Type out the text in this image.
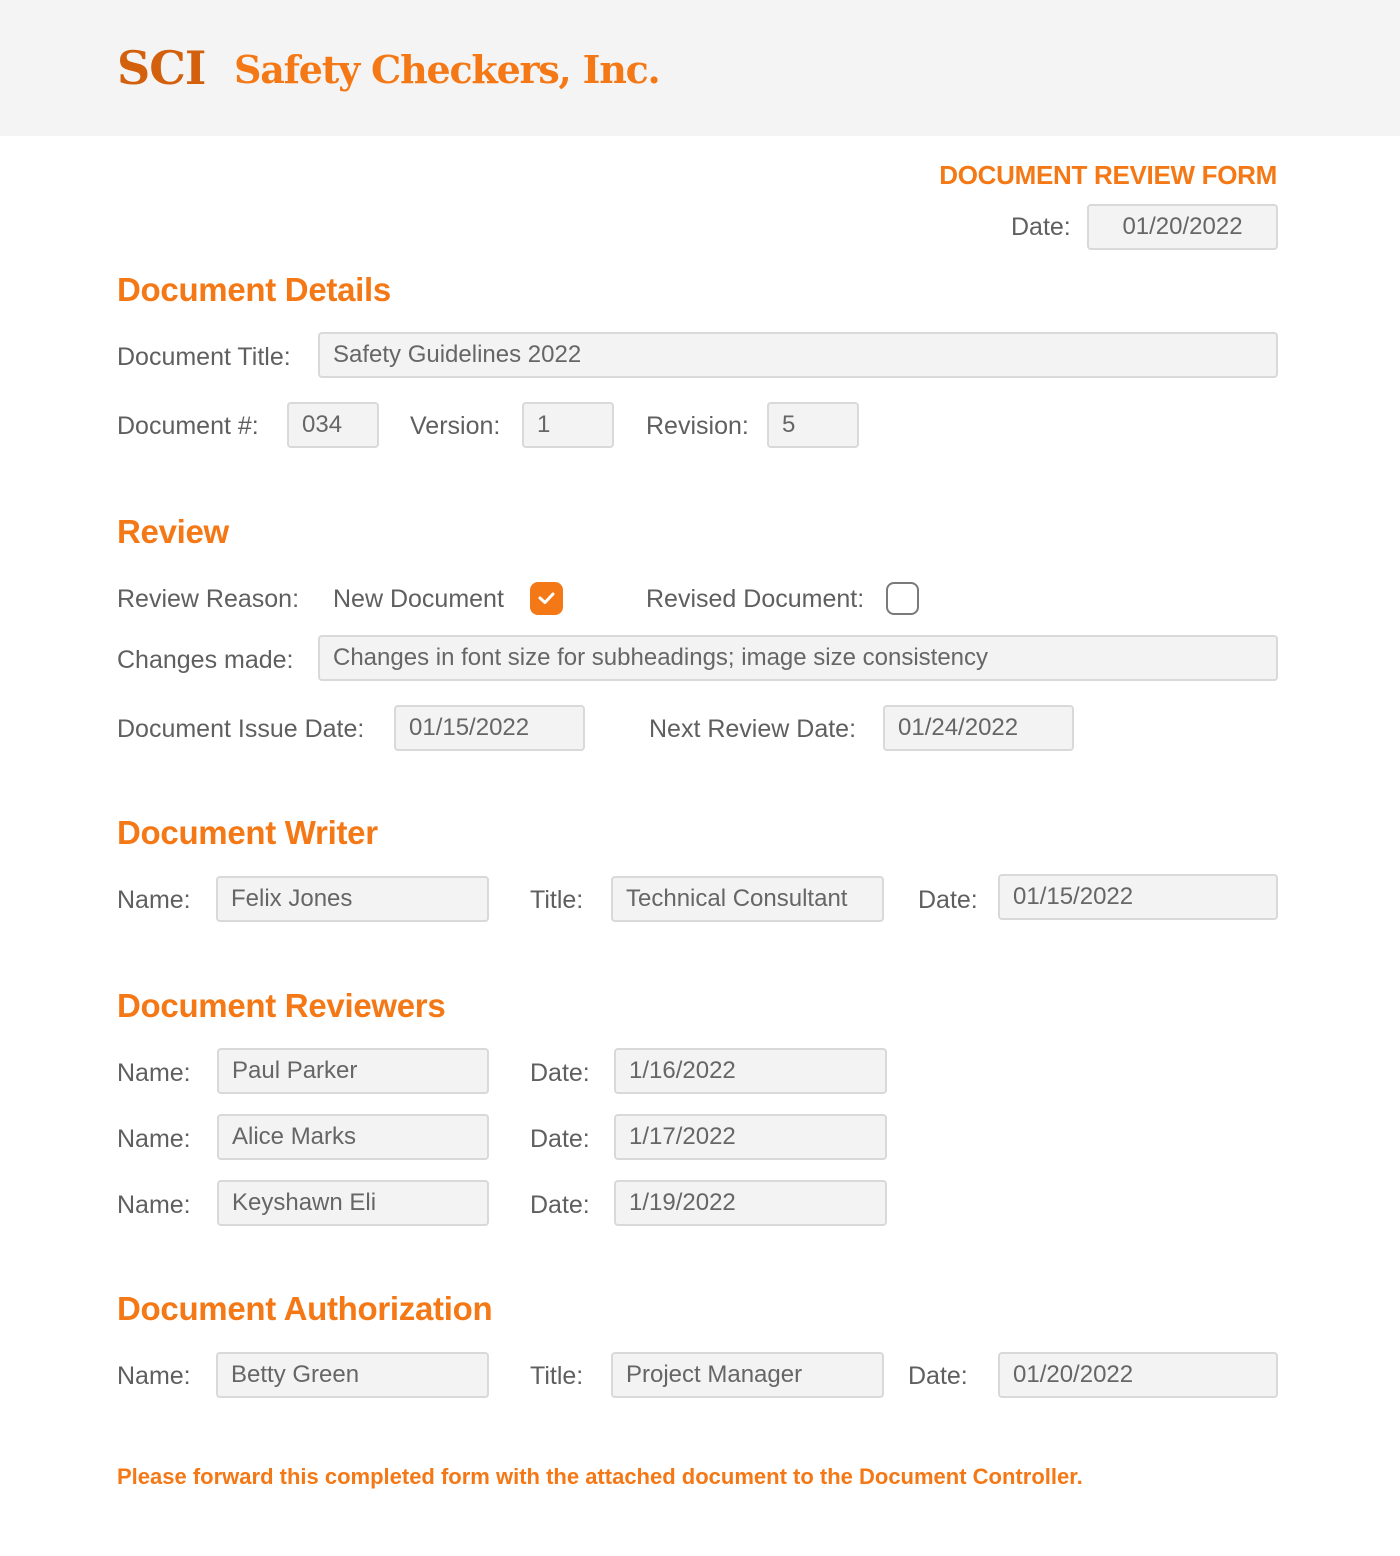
SCI Safety Checkers, Inc.
DOCUMENT REVIEW FORM
Date:	01/20/2022
Document Details
Document Title:	Safety Guidelines 2022
Document #:	034	Version:	1	Revision:	5
Review
Review Reason: New Document	Revised Document:
Changes made:	Changes in font size for subheadings; image size consistency
Document Issue Date:	01/15/2022	Next Review Date:	01/24/2022
Document Writer
Name:	Felix Jones	Title:	Technical Consultant	Date:	01/15/2022
Document Reviewers
Name:	Paul Parker	Date:	1/16/2022
Name:	Alice Marks	Date:	1/17/2022
Name:	Keyshawn Eli	Date:	1/19/2022
Document Authorization
Name:	Betty Green	Title:	Project Manager	Date:	01/20/2022
Please forward this completed form with the attached document to the Document Controller.
